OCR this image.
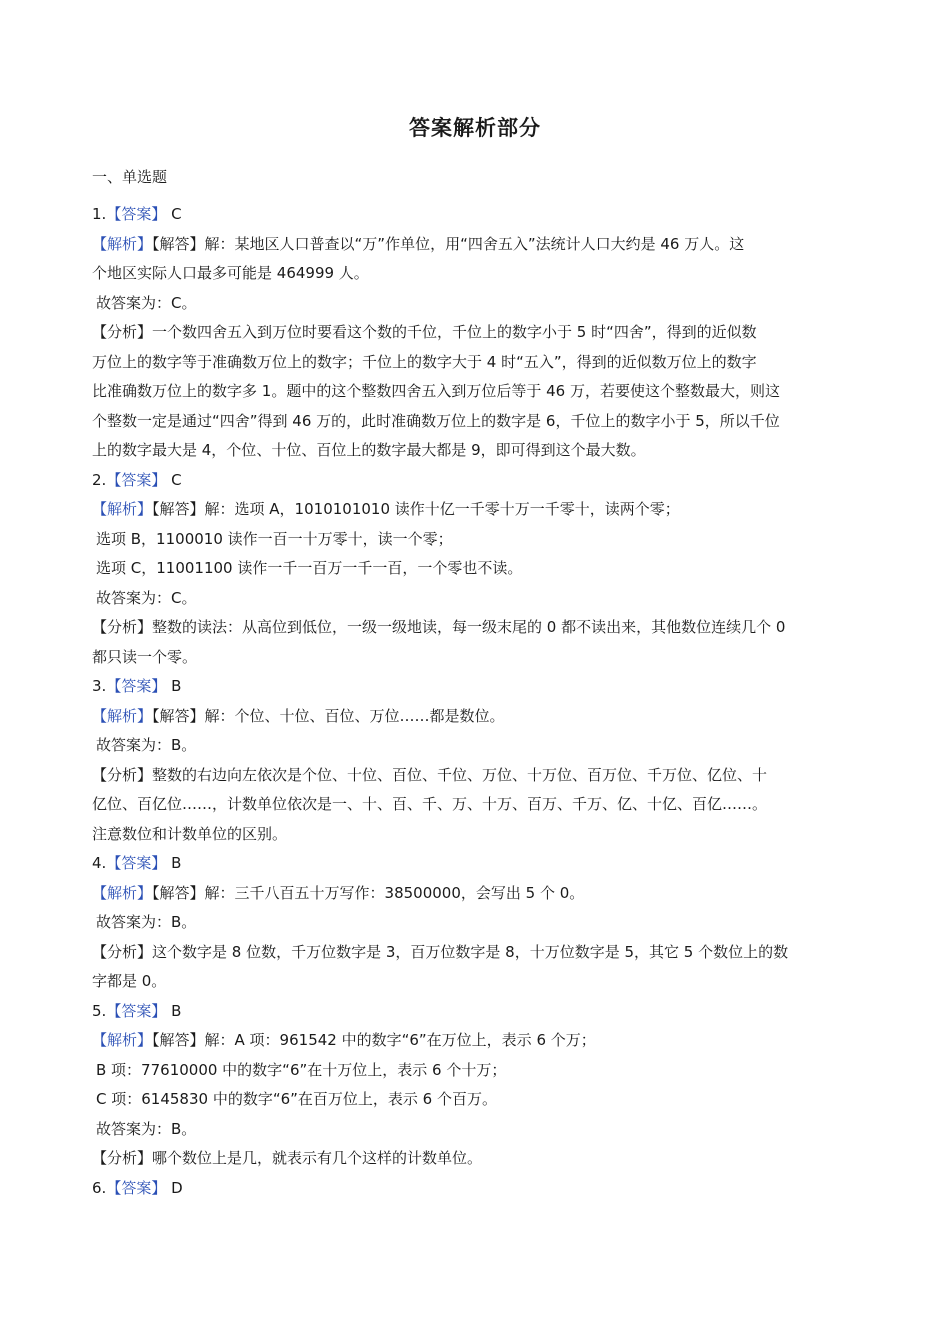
答案解析部分
一、单选题
1.【答案】 C
【解析】【解答】解：某地区人口普查以“万”作单位，用“四舍五入”法统计人口大约是 46 万人。这
个地区实际人口最多可能是 464999 人。
故答案为：C。
【分析】一个数四舍五入到万位时要看这个数的千位，千位上的数字小于 5 时“四舍”，得到的近似数
万位上的数字等于准确数万位上的数字；千位上的数字大于 4 时“五入”，得到的近似数万位上的数字
比准确数万位上的数字多 1。题中的这个整数四舍五入到万位后等于 46 万，若要使这个整数最大，则这
个整数一定是通过“四舍”得到 46 万的，此时准确数万位上的数字是 6，千位上的数字小于 5，所以千位
上的数字最大是 4，个位、十位、百位上的数字最大都是 9，即可得到这个最大数。
2.【答案】 C
【解析】【解答】解：选项 A，1010101010 读作十亿一千零十万一千零十，读两个零；
选项 B，1100010 读作一百一十万零十，读一个零；
选项 C，11001100 读作一千一百万一千一百，一个零也不读。
故答案为：C。
【分析】整数的读法：从高位到低位，一级一级地读，每一级末尾的 0 都不读出来，其他数位连续几个 0
都只读一个零。
3.【答案】 B
【解析】【解答】解：个位、十位、百位、万位……都是数位。
故答案为：B。
【分析】整数的右边向左依次是个位、十位、百位、千位、万位、十万位、百万位、千万位、亿位、十
亿位、百亿位……，计数单位依次是一、十、百、千、万、十万、百万、千万、亿、十亿、百亿……。
注意数位和计数单位的区别。
4.【答案】 B
【解析】【解答】解：三千八百五十万写作：38500000，会写出 5 个 0。
故答案为：B。
【分析】这个数字是 8 位数，千万位数字是 3，百万位数字是 8，十万位数字是 5，其它 5 个数位上的数
字都是 0。
5.【答案】 B
【解析】【解答】解：A 项：961542 中的数字“6”在万位上，表示 6 个万；
B 项：77610000 中的数字“6”在十万位上，表示 6 个十万；
C 项：6145830 中的数字“6”在百万位上，表示 6 个百万。
故答案为：B。
【分析】哪个数位上是几，就表示有几个这样的计数单位。
6.【答案】 D
